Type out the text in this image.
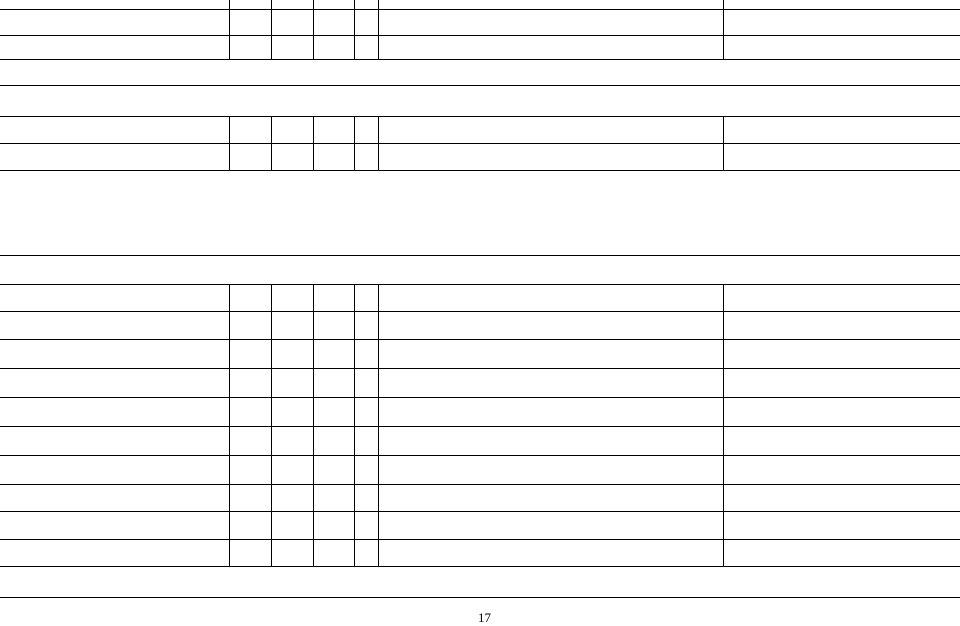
17
